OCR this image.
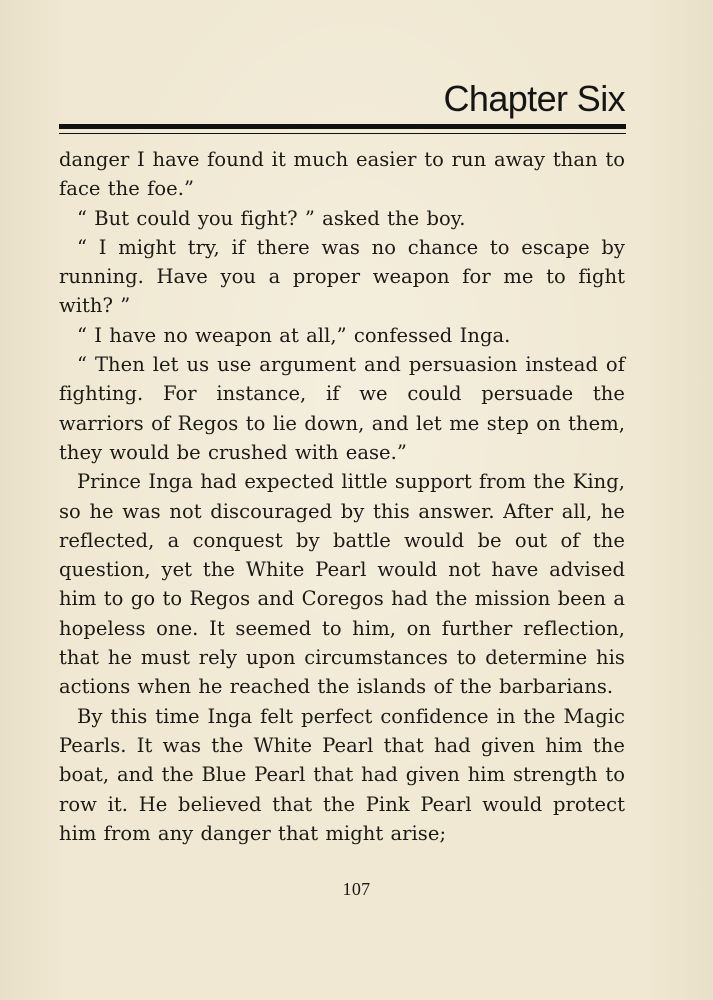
Chapter Six

danger I have found it much easier to run away than to face the foe.”

“ But could you fight? ” asked the boy.

“ I might try, if there was no chance to escape by running. Have you a proper weapon for me to fight with? ”

“ I have no weapon at all,” confessed Inga.

“ Then let us use argument and persuasion instead of fighting. For instance, if we could persuade the warriors of Regos to lie down, and let me step on them, they would be crushed with ease.”

Prince Inga had expected little support from the King, so he was not discouraged by this answer. After all, he reflected, a conquest by battle would be out of the question, yet the White Pearl would not have advised him to go to Regos and Coregos had the mission been a hopeless one. It seemed to him, on further reflection, that he must rely upon circumstances to determine his actions when he reached the islands of the barbarians.

By this time Inga felt perfect confidence in the Magic Pearls. It was the White Pearl that had given him the boat, and the Blue Pearl that had given him strength to row it. He believed that the Pink Pearl would protect him from any danger that might arise;

107
